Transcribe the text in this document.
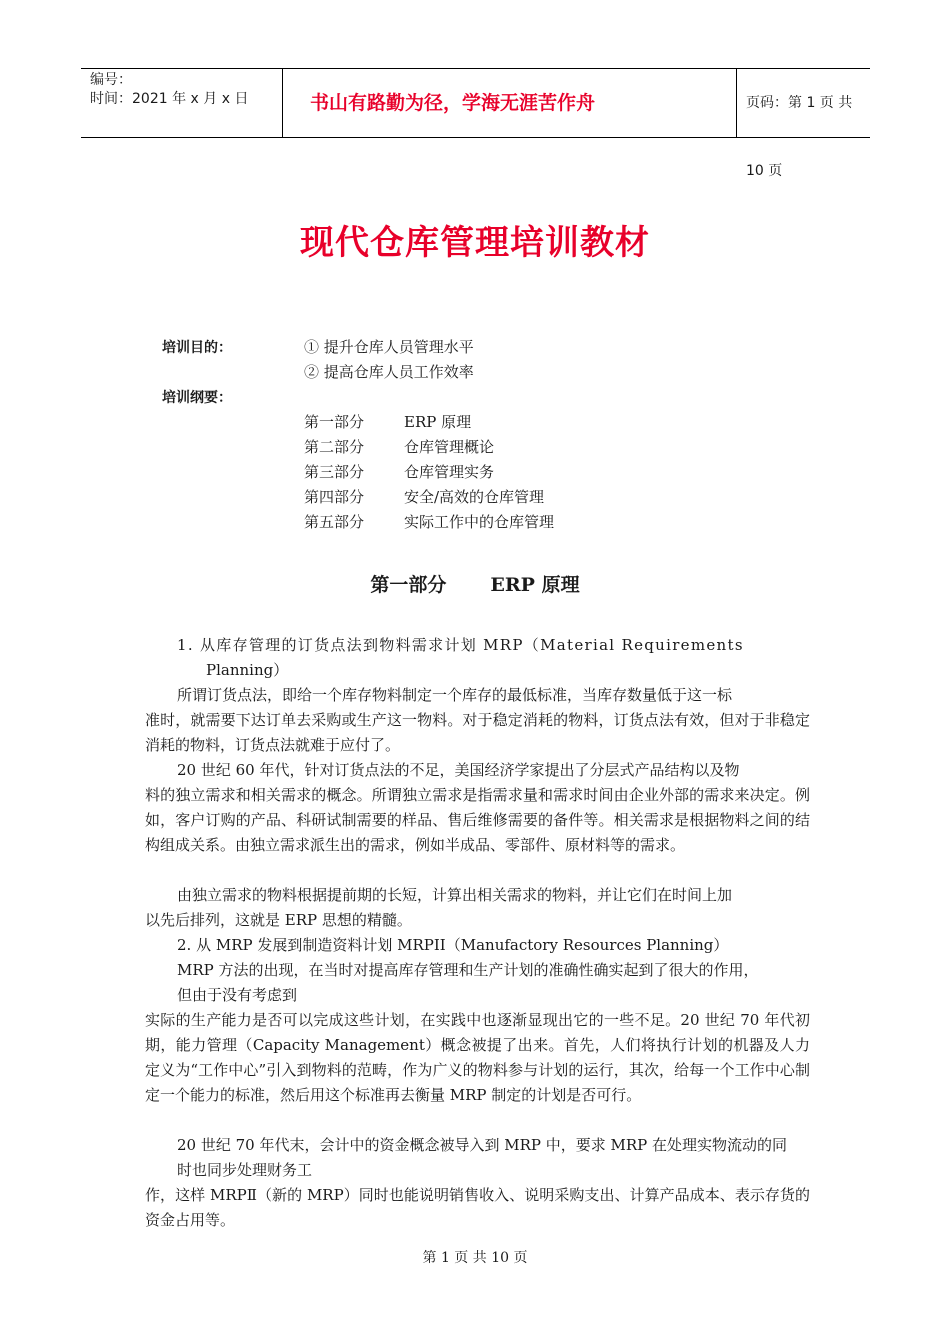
编号：
时间：2021 年 x 月 x 日	书山有路勤为径，学海无涯苦作舟	页码：第 1 页 共 10 页
现代仓库管理培训教材
培训目的：	① 提升仓库人员管理水平
② 提高仓库人员工作效率
培训纲要：
第一部分	ERP 原理
第二部分	仓库管理概论
第三部分	仓库管理实务
第四部分	安全/高效的仓库管理
第五部分	实际工作中的仓库管理
第一部分 ERP 原理
1. 从库存管理的订货点法到物料需求计划 MRP（Material Requirements
Planning）
所谓订货点法，即给一个库存物料制定一个库存的最低标准，当库存数量低于这一标
准时，就需要下达订单去采购或生产这一物料。对于稳定消耗的物料，订货点法有效，但对于非稳定消耗的物料，订货点法就难于应付了。
20 世纪 60 年代，针对订货点法的不足，美国经济学家提出了分层式产品结构以及物
料的独立需求和相关需求的概念。所谓独立需求是指需求量和需求时间由企业外部的需求来决定。例如，客户订购的产品、科研试制需要的样品、售后维修需要的备件等。相关需求是根据物料之间的结构组成关系。由独立需求派生出的需求，例如半成品、零部件、原材料等的需求。
由独立需求的物料根据提前期的长短，计算出相关需求的物料，并让它们在时间上加
以先后排列，这就是 ERP 思想的精髓。
2. 从 MRP 发展到制造资料计划 MRPII（Manufactory Resources Planning）
MRP 方法的出现，在当时对提高库存管理和生产计划的准确性确实起到了很大的作用，
但由于没有考虑到
实际的生产能力是否可以完成这些计划，在实践中也逐渐显现出它的一些不足。20 世纪 70 年代初期，能力管理（Capacity Management）概念被提了出来。首先，人们将执行计划的机器及人力定义为“工作中心”引入到物料的范畴，作为广义的物料参与计划的运行，其次，给每一个工作中心制定一个能力的标准，然后用这个标准再去衡量 MRP 制定的计划是否可行。
20 世纪 70 年代末，会计中的资金概念被导入到 MRP 中，要求 MRP 在处理实物流动的同
时也同步处理财务工
作，这样 MRPⅡ（新的 MRP）同时也能说明销售收入、说明采购支出、计算产品成本、表示存货的资金占用等。
第 1 页 共 10 页
